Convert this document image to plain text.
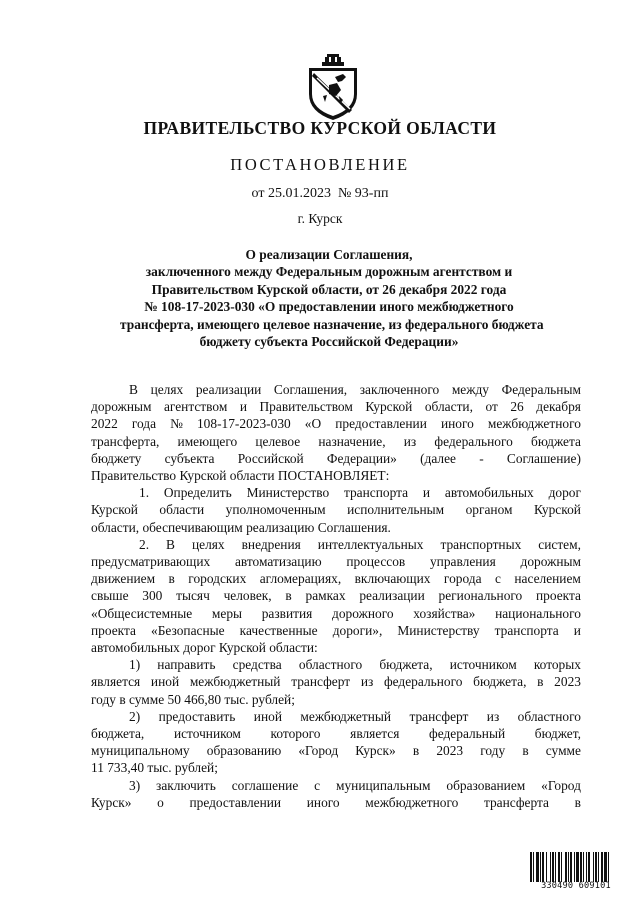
ПРАВИТЕЛЬСТВО КУРСКОЙ ОБЛАСТИ
ПОСТАНОВЛЕНИЕ
от 25.01.2023 № 93-пп
г. Курск
О реализации Соглашения,
заключенного между Федеральным дорожным агентством и
Правительством Курской области, от 26 декабря 2022 года
№ 108-17-2023-030 «О предоставлении иного межбюджетного
трансферта, имеющего целевое назначение, из федерального бюджета
бюджету субъекта Российской Федерации»
В целях реализации Соглашения, заключенного между Федеральным
дорожным агентством и Правительством Курской области, от 26 декабря
2022 года № 108-17-2023-030 «О предоставлении иного межбюджетного
трансферта, имеющего целевое назначение, из федерального бюджета
бюджету субъекта Российской Федерации» (далее - Соглашение)
Правительство Курской области ПОСТАНОВЛЯЕТ:
1. Определить Министерство транспорта и автомобильных дорог
Курской области уполномоченным исполнительным органом Курской
области, обеспечивающим реализацию Соглашения.
2. В целях внедрения интеллектуальных транспортных систем,
предусматривающих автоматизацию процессов управления дорожным
движением в городских агломерациях, включающих города с населением
свыше 300 тысяч человек, в рамках реализации регионального проекта
«Общесистемные меры развития дорожного хозяйства» национального
проекта «Безопасные качественные дороги», Министерству транспорта и
автомобильных дорог Курской области:
1) направить средства областного бюджета, источником которых
является иной межбюджетный трансферт из федерального бюджета, в 2023
году в сумме 50 466,80 тыс. рублей;
2) предоставить иной межбюджетный трансферт из областного
бюджета, источником которого является федеральный бюджет,
муниципальному образованию «Город Курск» в 2023 году в сумме
11 733,40 тыс. рублей;
3) заключить соглашение с муниципальным образованием «Город
Курск» о предоставлении иного межбюджетного трансферта в
330490 609101
